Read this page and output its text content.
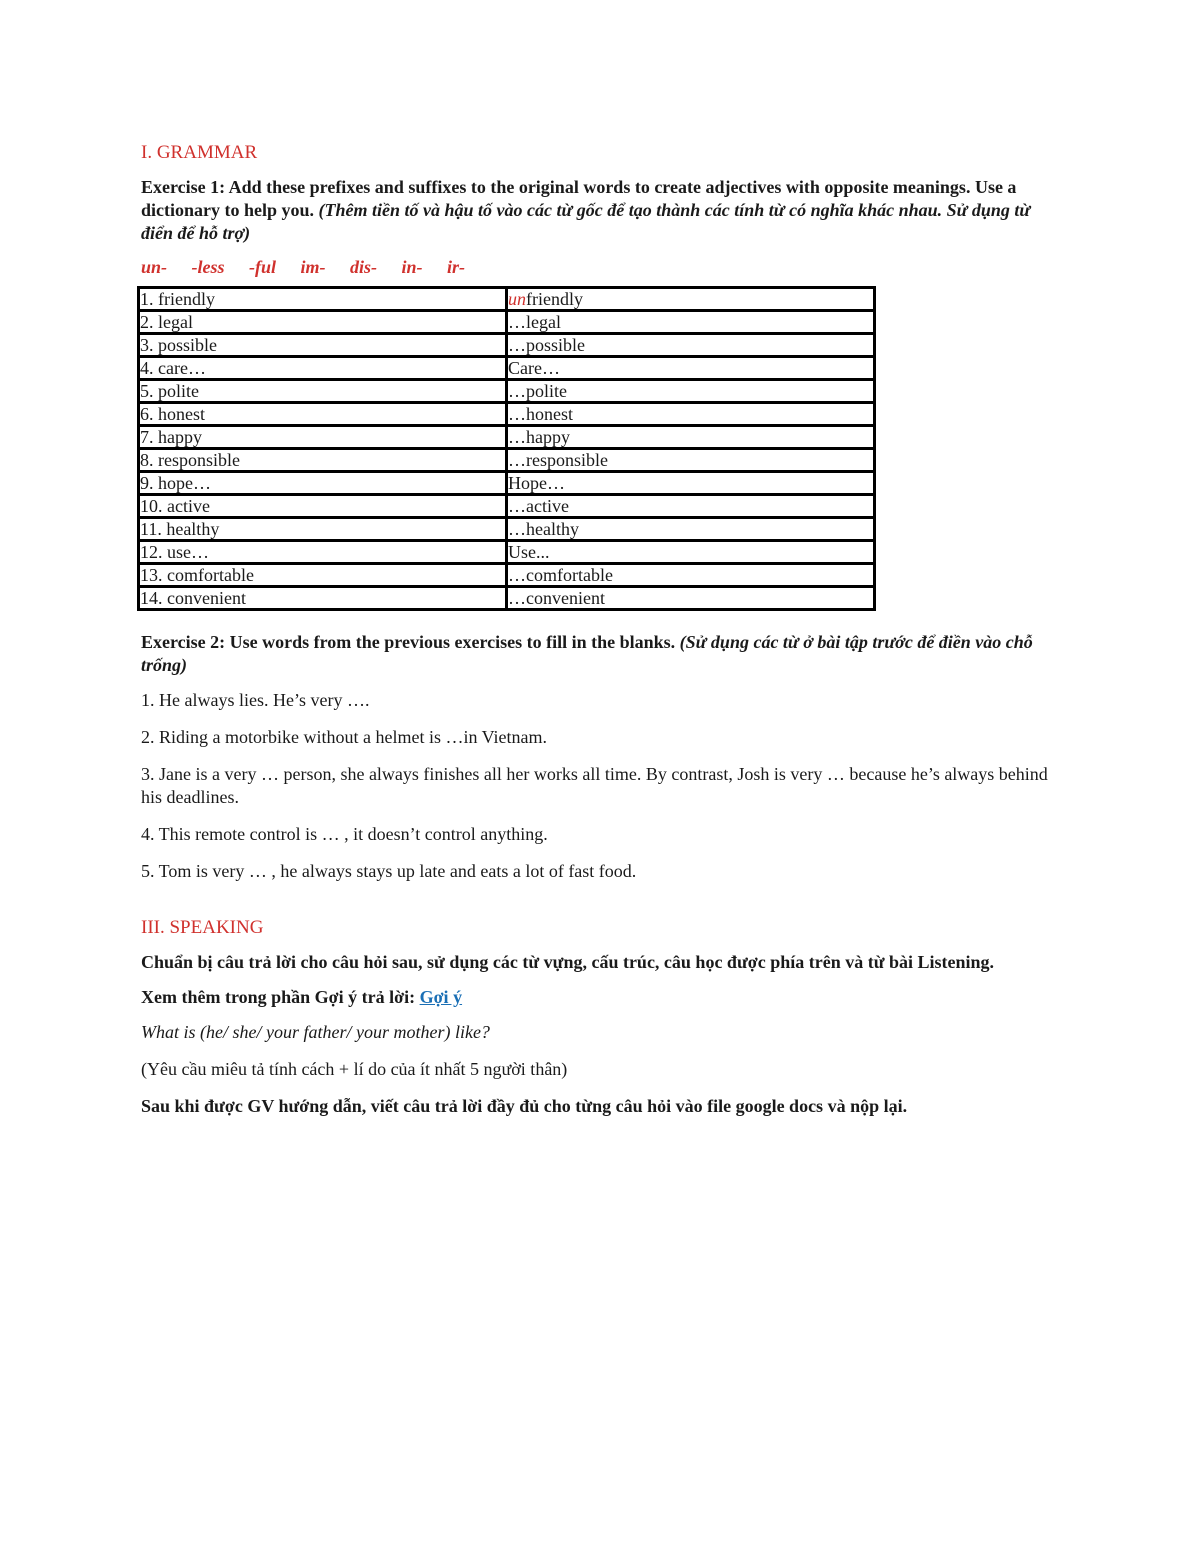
I. GRAMMAR
Exercise 1: Add these prefixes and suffixes to the original words to create adjectives with opposite meanings. Use a dictionary to help you. (Thêm tiền tố và hậu tố vào các từ gốc để tạo thành các tính từ có nghĩa khác nhau. Sử dụng từ điển để hỗ trợ)
un- -less -ful im- dis- in- ir-
1. friendly	unfriendly
2. legal	…legal
3. possible	…possible
4. care…	Care…
5. polite	…polite
6. honest	…honest
7. happy	…happy
8. responsible	…responsible
9. hope…	Hope…
10. active	…active
11. healthy	…healthy
12. use…	Use...
13. comfortable	…comfortable
14. convenient	…convenient
Exercise 2: Use words from the previous exercises to fill in the blanks. (Sử dụng các từ ở bài tập trước để điền vào chỗ trống)
1. He always lies. He’s very ….
2. Riding a motorbike without a helmet is …in Vietnam.
3. Jane is a very … person, she always finishes all her works all time. By contrast, Josh is very … because he’s always behind his deadlines.
4. This remote control is … , it doesn’t control anything.
5. Tom is very … , he always stays up late and eats a lot of fast food.
III. SPEAKING
Chuẩn bị câu trả lời cho câu hỏi sau, sử dụng các từ vựng, cấu trúc, câu học được phía trên và từ bài Listening.
Xem thêm trong phần Gợi ý trả lời: Gợi ý
What is (he/ she/ your father/ your mother) like?
(Yêu cầu miêu tả tính cách + lí do của ít nhất 5 người thân)
Sau khi được GV hướng dẫn, viết câu trả lời đầy đủ cho từng câu hỏi vào file google docs và nộp lại.
